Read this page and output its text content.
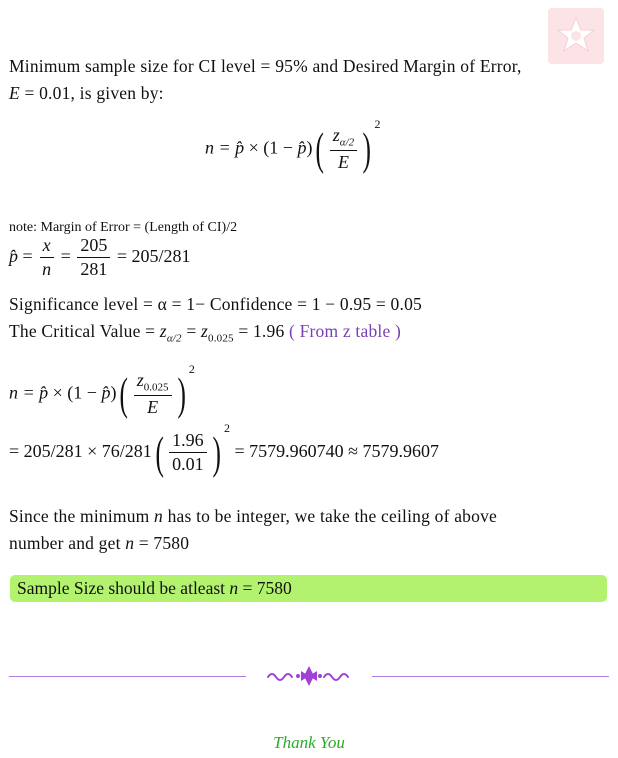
Minimum sample size for CI level = 95% and Desired Margin of Error,
E = 0.01, is given by:
n = p̂ × (1 − p̂)( $\frac{z_{\alpha/2}}{E}$ ) $^2$
note: Margin of Error = (Length of CI)/2
p̂ = $\frac{x}{n} = \frac{205}{281} = 205/281$
Significance level = α = 1− Confidence = 1 − 0.95 = 0.05
The Critical Value = $z_{\alpha/2} = z_{0.025} = 1.96$ ( From z table )
n = p̂ × (1 − p̂)( $\frac{z_{0.025}}{E}$ ) $^2$
= $205/281 \times 76/281( \frac{1.96}{0.01}$ ) $^2$ = 7579.960740 ≈ 7579.9607
Since the minimum n has to be integer, we take the ceiling of above
number and get n = 7580
Sample Size should be atleast n = 7580
Thank You
